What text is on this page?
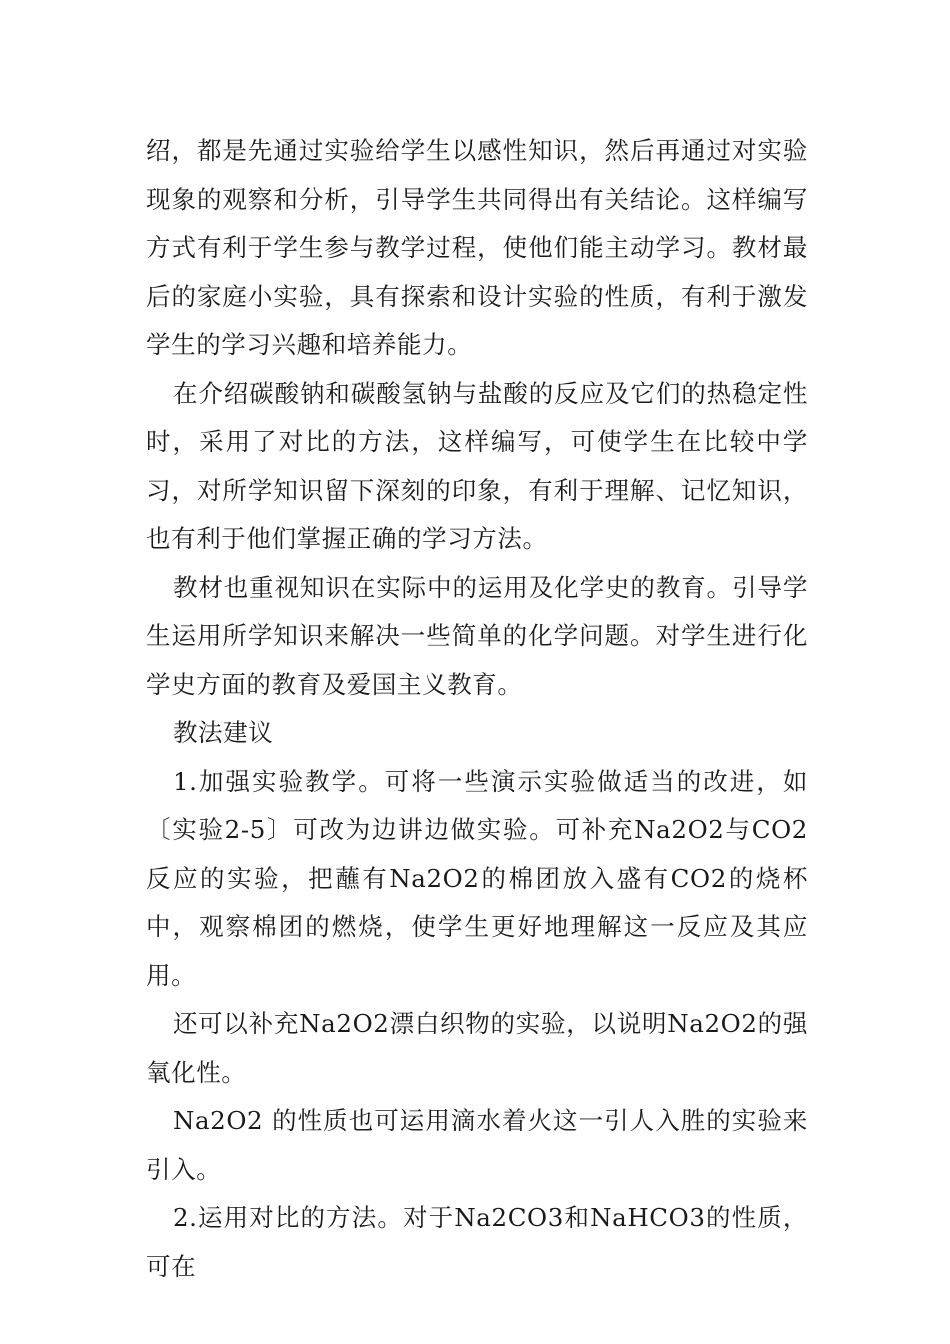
绍，都是先通过实验给学生以感性知识，然后再通过对实验现象的观察和分析，引导学生共同得出有关结论。这样编写方式有利于学生参与教学过程，使他们能主动学习。教材最后的家庭小实验，具有探索和设计实验的性质，有利于激发学生的学习兴趣和培养能力。

在介绍碳酸钠和碳酸氢钠与盐酸的反应及它们的热稳定性时，采用了对比的方法，这样编写，可使学生在比较中学习，对所学知识留下深刻的印象，有利于理解、记忆知识，也有利于他们掌握正确的学习方法。

教材也重视知识在实际中的运用及化学史的教育。引导学生运用所学知识来解决一些简单的化学问题。对学生进行化学史方面的教育及爱国主义教育。

教法建议

1.加强实验教学。可将一些演示实验做适当的改进，如〔实验2-5〕可改为边讲边做实验。可补充Na2O2与CO2反应的实验，把蘸有Na2O2的棉团放入盛有CO2的烧杯中，观察棉团的燃烧，使学生更好地理解这一反应及其应用。

还可以补充Na2O2漂白织物的实验，以说明Na2O2的强氧化性。

Na2O2 的性质也可运用滴水着火这一引人入胜的实验来引入。

2.运用对比的方法。对于Na2CO3和NaHCO3的性质，可在
